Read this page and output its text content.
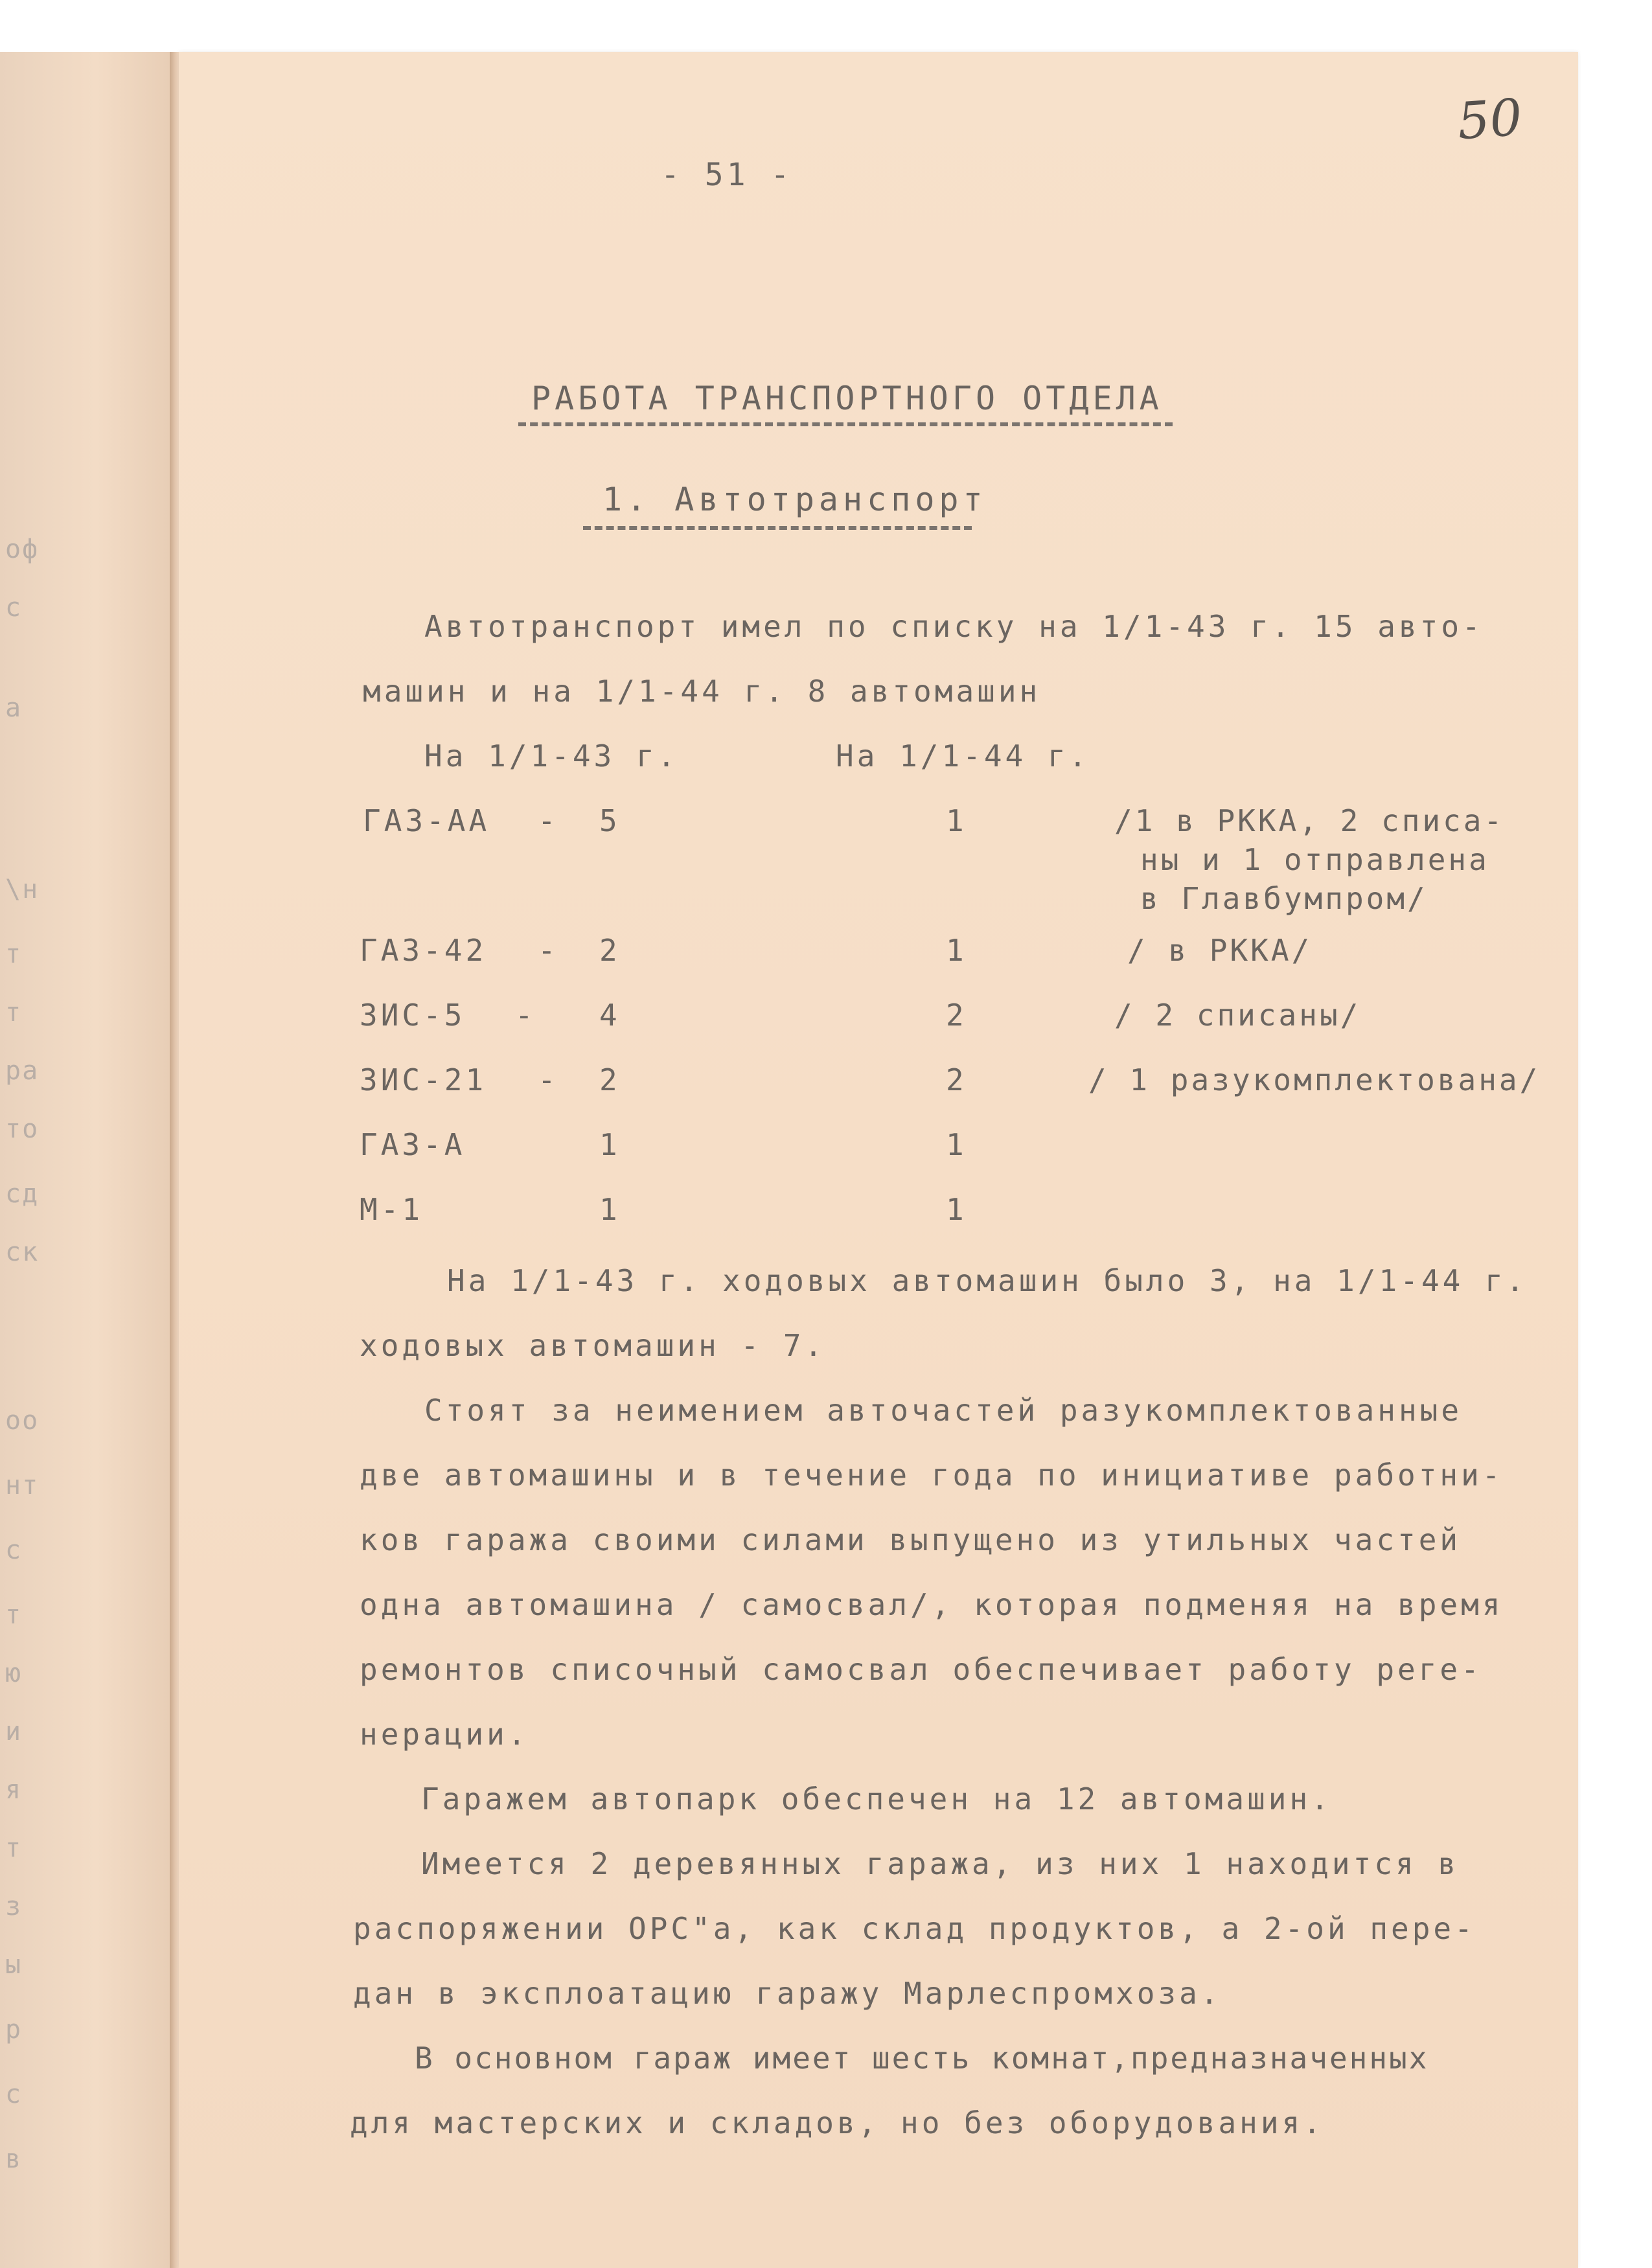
оф
с
а
\н
т
т
ра
то
сд
ск
оо
нт
с
т
ю
и
я
т
з
ы
р
с
в
50
- 51 -
РАБОТА ТРАНСПОРТНОГО ОТДЕЛА
1. Автотранспорт
Автотранспорт имел по списку на 1/1-43 г. 15 авто-
машин и на 1/1-44 г. 8 автомашин
На 1/1-43 г.	На 1/1-44 г.
ГАЗ-АА - 5	1	/1 в РККА, 2 списа-
ны и 1 отправлена
в Главбумпром/
ГАЗ-42 - 2	1	/ в РККА/
ЗИС-5 - 4	2	/ 2 списаны/
ЗИС-21 - 2	2	/ 1 разукомплектована/
ГАЗ-А	1	1
М-1	1	1
На 1/1-43 г. ходовых автомашин было 3, на 1/1-44 г.
ходовых автомашин - 7.
Стоят за неимением авточастей разукомплектованные
две автомашины и в течение года по инициативе работни-
ков гаража своими силами выпущено из утильных частей
одна автомашина / самосвал/, которая подменяя на время
ремонтов списочный самосвал обеспечивает работу реге-
нерации.
Гаражем автопарк обеспечен на 12 автомашин.
Имеется 2 деревянных гаража, из них 1 находится в
распоряжении ОРС"а, как склад продуктов, а 2-ой пере-
дан в эксплоатацию гаражу Марлеспромхоза.
В основном гараж имеет шесть комнат,предназначенных
для мастерских и складов, но без оборудования.
